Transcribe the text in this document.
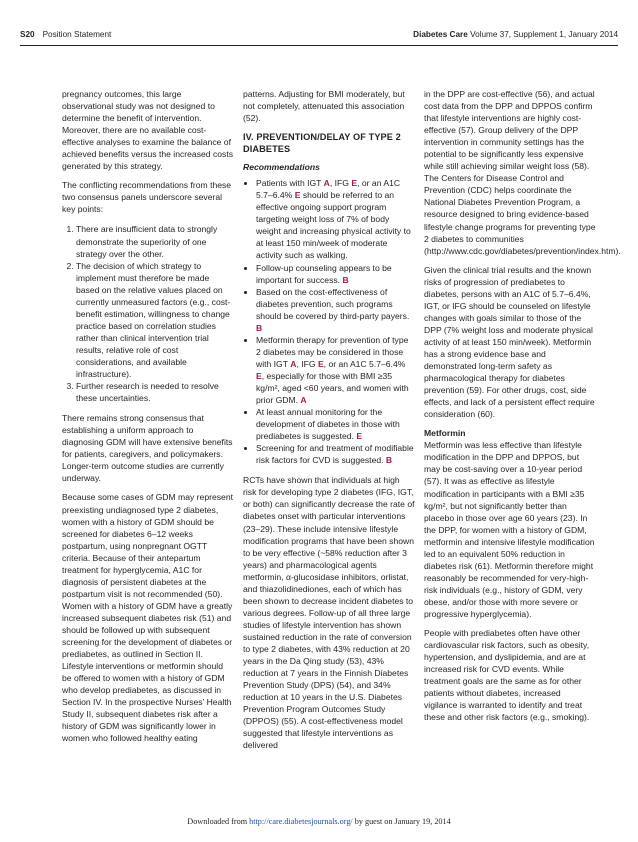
S20 Position Statement	Diabetes Care Volume 37, Supplement 1, January 2014

pregnancy outcomes, this large observational study was not designed to determine the benefit of intervention. Moreover, there are no available cost-effective analyses to examine the balance of achieved benefits versus the increased costs generated by this strategy.

The conflicting recommendations from these two consensus panels underscore several key points:

1. There are insufficient data to strongly demonstrate the superiority of one strategy over the other.
2. The decision of which strategy to implement must therefore be made based on the relative values placed on currently unmeasured factors (e.g., cost-benefit estimation, willingness to change practice based on correlation studies rather than clinical intervention trial results, relative role of cost considerations, and available infrastructure).
3. Further research is needed to resolve these uncertainties.

There remains strong consensus that establishing a uniform approach to diagnosing GDM will have extensive benefits for patients, caregivers, and policymakers. Longer-term outcome studies are currently underway.

Because some cases of GDM may represent preexisting undiagnosed type 2 diabetes, women with a history of GDM should be screened for diabetes 6–12 weeks postpartum, using nonpregnant OGTT criteria. Because of their antepartum treatment for hyperglycemia, A1C for diagnosis of persistent diabetes at the postpartum visit is not recommended (50). Women with a history of GDM have a greatly increased subsequent diabetes risk (51) and should be followed up with subsequent screening for the development of diabetes or prediabetes, as outlined in Section II. Lifestyle interventions or metformin should be offered to women with a history of GDM who develop prediabetes, as discussed in Section IV. In the prospective Nurses’ Health Study II, subsequent diabetes risk after a history of GDM was significantly lower in women who followed healthy eating

patterns. Adjusting for BMI moderately, but not completely, attenuated this association (52).

IV. PREVENTION/DELAY OF TYPE 2 DIABETES
Recommendations
• Patients with IGT A, IFG E, or an A1C 5.7–6.4% E should be referred to an effective ongoing support program targeting weight loss of 7% of body weight and increasing physical activity to at least 150 min/week of moderate activity such as walking.
• Follow-up counseling appears to be important for success. B
• Based on the cost-effectiveness of diabetes prevention, such programs should be covered by third-party payers. B
• Metformin therapy for prevention of type 2 diabetes may be considered in those with IGT A, IFG E, or an A1C 5.7–6.4% E, especially for those with BMI ≥35 kg/m², aged <60 years, and women with prior GDM. A
• At least annual monitoring for the development of diabetes in those with prediabetes is suggested. E
• Screening for and treatment of modifiable risk factors for CVD is suggested. B

RCTs have shown that individuals at high risk for developing type 2 diabetes (IFG, IGT, or both) can significantly decrease the rate of diabetes onset with particular interventions (23–29). These include intensive lifestyle modification programs that have been shown to be very effective (~58% reduction after 3 years) and pharmacological agents metformin, α-glucosidase inhibitors, orlistat, and thiazolidinediones, each of which has been shown to decrease incident diabetes to various degrees. Follow-up of all three large studies of lifestyle intervention has shown sustained reduction in the rate of conversion to type 2 diabetes, with 43% reduction at 20 years in the Da Qing study (53), 43% reduction at 7 years in the Finnish Diabetes Prevention Study (DPS) (54), and 34% reduction at 10 years in the U.S. Diabetes Prevention Program Outcomes Study (DPPOS) (55). A cost-effectiveness model suggested that lifestyle interventions as delivered

in the DPP are cost-effective (56), and actual cost data from the DPP and DPPOS confirm that lifestyle interventions are highly cost-effective (57). Group delivery of the DPP intervention in community settings has the potential to be significantly less expensive while still achieving similar weight loss (58). The Centers for Disease Control and Prevention (CDC) helps coordinate the National Diabetes Prevention Program, a resource designed to bring evidence-based lifestyle change programs for preventing type 2 diabetes to communities (http://www.cdc.gov/diabetes/prevention/index.htm).

Given the clinical trial results and the known risks of progression of prediabetes to diabetes, persons with an A1C of 5.7–6.4%, IGT, or IFG should be counseled on lifestyle changes with goals similar to those of the DPP (7% weight loss and moderate physical activity of at least 150 min/week). Metformin has a strong evidence base and demonstrated long-term safety as pharmacological therapy for diabetes prevention (59). For other drugs, cost, side effects, and lack of a persistent effect require consideration (60).

Metformin

Metformin was less effective than lifestyle modification in the DPP and DPPOS, but may be cost-saving over a 10-year period (57). It was as effective as lifestyle modification in participants with a BMI ≥35 kg/m², but not significantly better than placebo in those over age 60 years (23). In the DPP, for women with a history of GDM, metformin and intensive lifestyle modification led to an equivalent 50% reduction in diabetes risk (61). Metformin therefore might reasonably be recommended for very-high-risk individuals (e.g., history of GDM, very obese, and/or those with more severe or progressive hyperglycemia).

People with prediabetes often have other cardiovascular risk factors, such as obesity, hypertension, and dyslipidemia, and are at increased risk for CVD events. While treatment goals are the same as for other patients without diabetes, increased vigilance is warranted to identify and treat these and other risk factors (e.g., smoking).

Downloaded from http://care.diabetesjournals.org/ by guest on January 19, 2014
